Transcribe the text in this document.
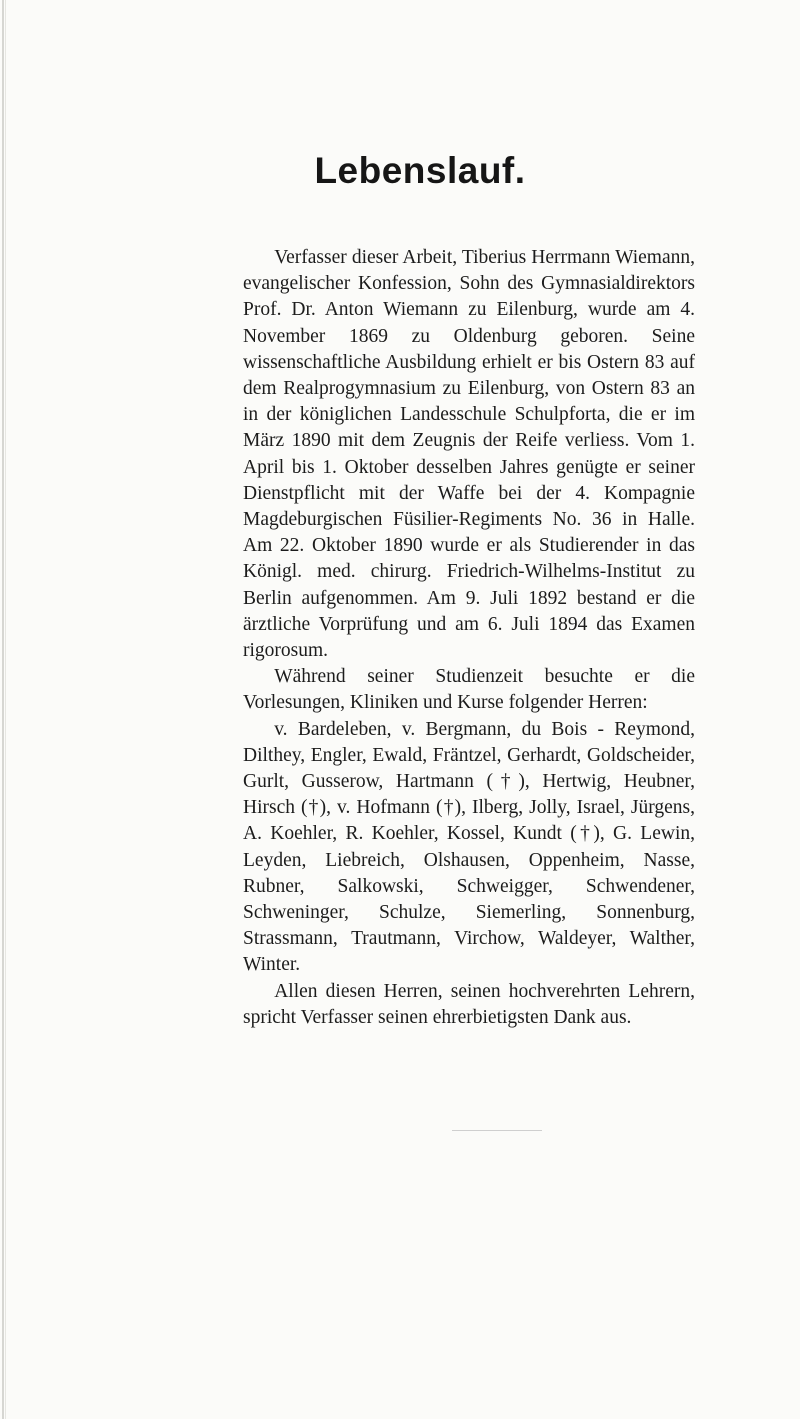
Lebenslauf.

Verfasser dieser Arbeit, Tiberius Herrmann Wiemann, evangelischer Konfession, Sohn des Gymnasialdirektors Prof. Dr. Anton Wiemann zu Eilenburg, wurde am 4. November 1869 zu Oldenburg geboren. Seine wissenschaftliche Ausbildung erhielt er bis Ostern 83 auf dem Realprogymnasium zu Eilenburg, von Ostern 83 an in der königlichen Landesschule Schulpforta, die er im März 1890 mit dem Zeugnis der Reife verliess. Vom 1. April bis 1. Oktober desselben Jahres genügte er seiner Dienstpflicht mit der Waffe bei der 4. Kompagnie Magdeburgischen Füsilier-Regiments No. 36 in Halle. Am 22. Oktober 1890 wurde er als Studierender in das Königl. med. chirurg. Friedrich-Wilhelms-Institut zu Berlin aufgenommen. Am 9. Juli 1892 bestand er die ärztliche Vorprüfung und am 6. Juli 1894 das Examen rigorosum.

Während seiner Studienzeit besuchte er die Vorlesungen, Kliniken und Kurse folgender Herren:

v. Bardeleben, v. Bergmann, du Bois - Reymond, Dilthey, Engler, Ewald, Fräntzel, Gerhardt, Goldscheider, Gurlt, Gusserow, Hartmann (†), Hertwig, Heubner, Hirsch (†), v. Hofmann (†), Ilberg, Jolly, Israel, Jürgens, A. Koehler, R. Koehler, Kossel, Kundt (†), G. Lewin, Leyden, Liebreich, Olshausen, Oppenheim, Nasse, Rubner, Salkowski, Schweigger, Schwendener, Schweninger, Schulze, Siemerling, Sonnenburg, Strassmann, Trautmann, Virchow, Waldeyer, Walther, Winter.

Allen diesen Herren, seinen hochverehrten Lehrern, spricht Verfasser seinen ehrerbietigsten Dank aus.
